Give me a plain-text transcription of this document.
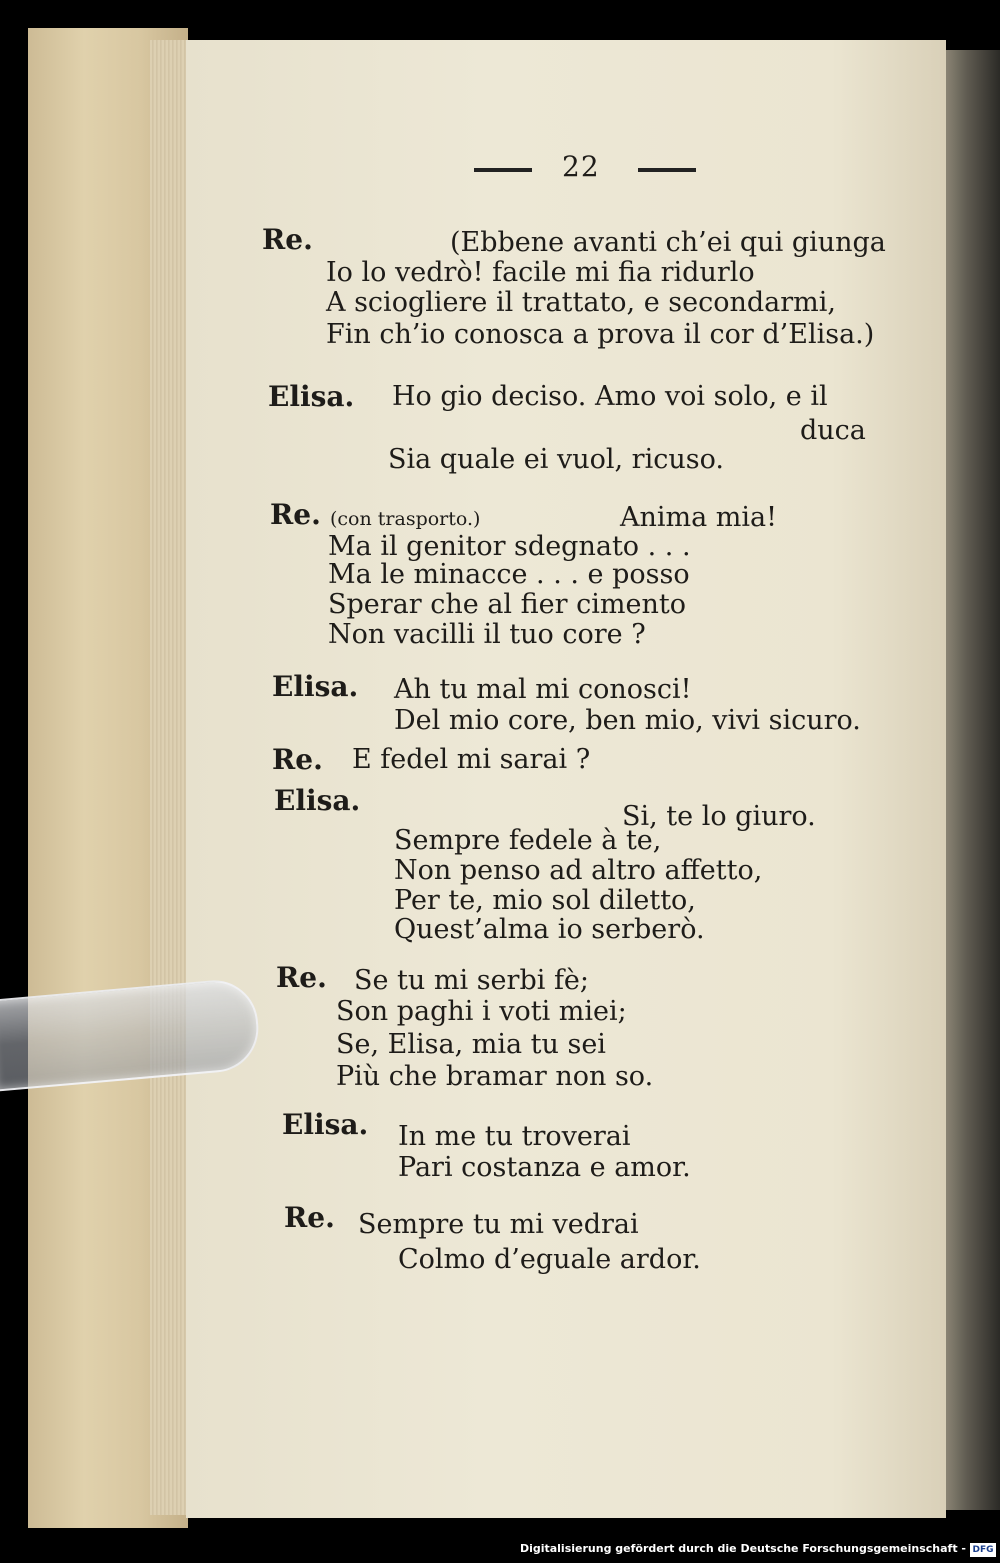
22
Re.	(Ebbene avanti ch’ei qui giunga
Io lo vedrò! facile mi fia ridurlo
A sciogliere il trattato, e secondarmi,
Fin ch’io conosca a prova il cor d’Elisa.)
Elisa. Ho gio deciso. Amo voi solo, e il
duca
Sia quale ei vuol, ricuso.
Re. (con trasporto.)	Anima mia!
Ma il genitor sdegnato . . .
Ma le minacce . . . e posso
Sperar che al fier cimento
Non vacilli il tuo core ?
Elisa. Ah tu mal mi conosci!
Del mio core, ben mio, vivi sicuro.
Re. E fedel mi sarai ?
Elisa.	Si, te lo giuro.
Sempre fedele à te,
Non penso ad altro affetto,
Per te, mio sol diletto,
Quest’alma io serberò.
Re. Se tu mi serbi fè;
Son paghi i voti miei;
Se, Elisa, mia tu sei
Più che bramar non so.
Elisa. In me tu troverai
Pari costanza e amor.
Re. Sempre tu mi vedrai
Colmo d’eguale ardor.
Digitalisierung gefördert durch die Deutsche Forschungsgemeinschaft - DFG
